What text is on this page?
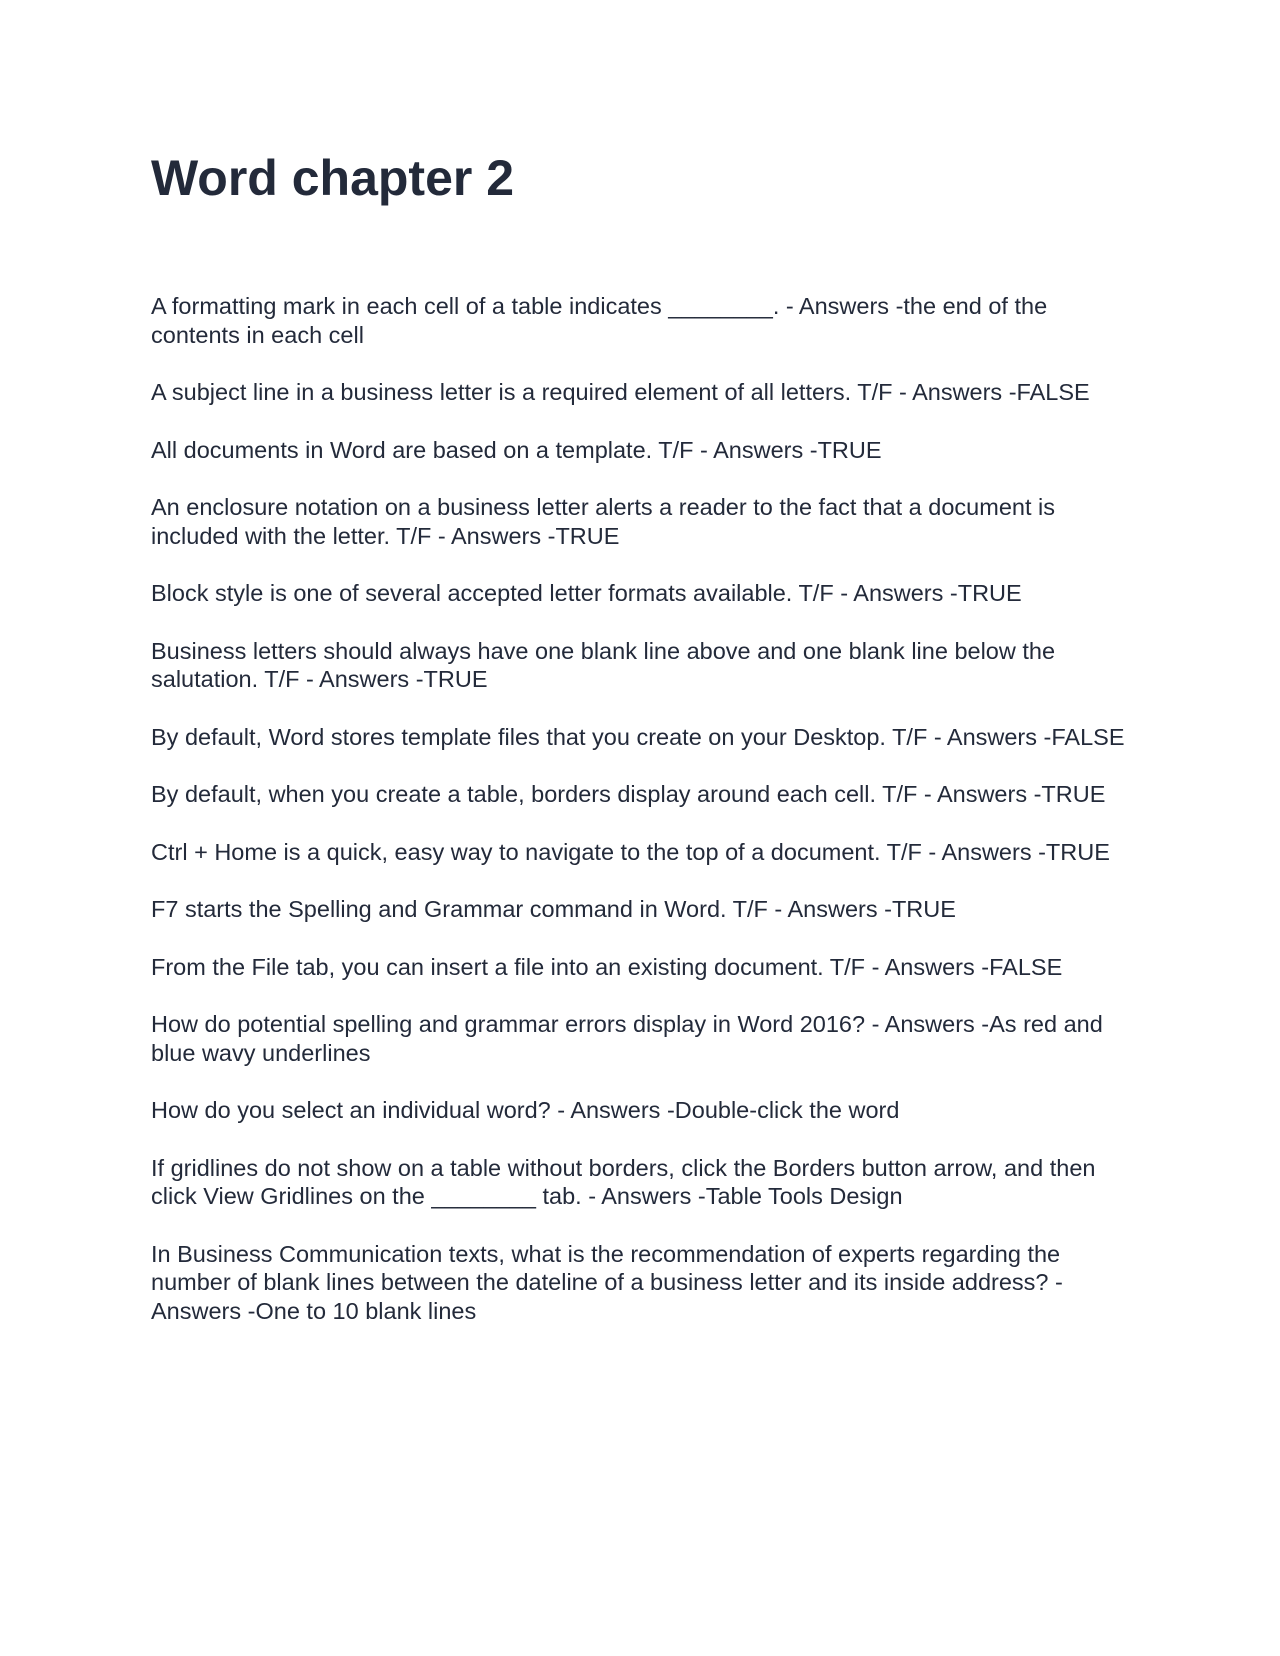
Word chapter 2
A formatting mark in each cell of a table indicates ________. - Answers -the end of the contents in each cell
A subject line in a business letter is a required element of all letters. T/F - Answers -FALSE
All documents in Word are based on a template. T/F - Answers -TRUE
An enclosure notation on a business letter alerts a reader to the fact that a document is included with the letter. T/F - Answers -TRUE
Block style is one of several accepted letter formats available. T/F - Answers -TRUE
Business letters should always have one blank line above and one blank line below the salutation. T/F - Answers -TRUE
By default, Word stores template files that you create on your Desktop. T/F - Answers -FALSE
By default, when you create a table, borders display around each cell. T/F - Answers -TRUE
Ctrl + Home is a quick, easy way to navigate to the top of a document. T/F - Answers -TRUE
F7 starts the Spelling and Grammar command in Word. T/F - Answers -TRUE
From the File tab, you can insert a file into an existing document. T/F - Answers -FALSE
How do potential spelling and grammar errors display in Word 2016? - Answers -As red and blue wavy underlines
How do you select an individual word? - Answers -Double-click the word
If gridlines do not show on a table without borders, click the Borders button arrow, and then click View Gridlines on the ________ tab. - Answers -Table Tools Design
In Business Communication texts, what is the recommendation of experts regarding the number of blank lines between the dateline of a business letter and its inside address? - Answers -One to 10 blank lines
